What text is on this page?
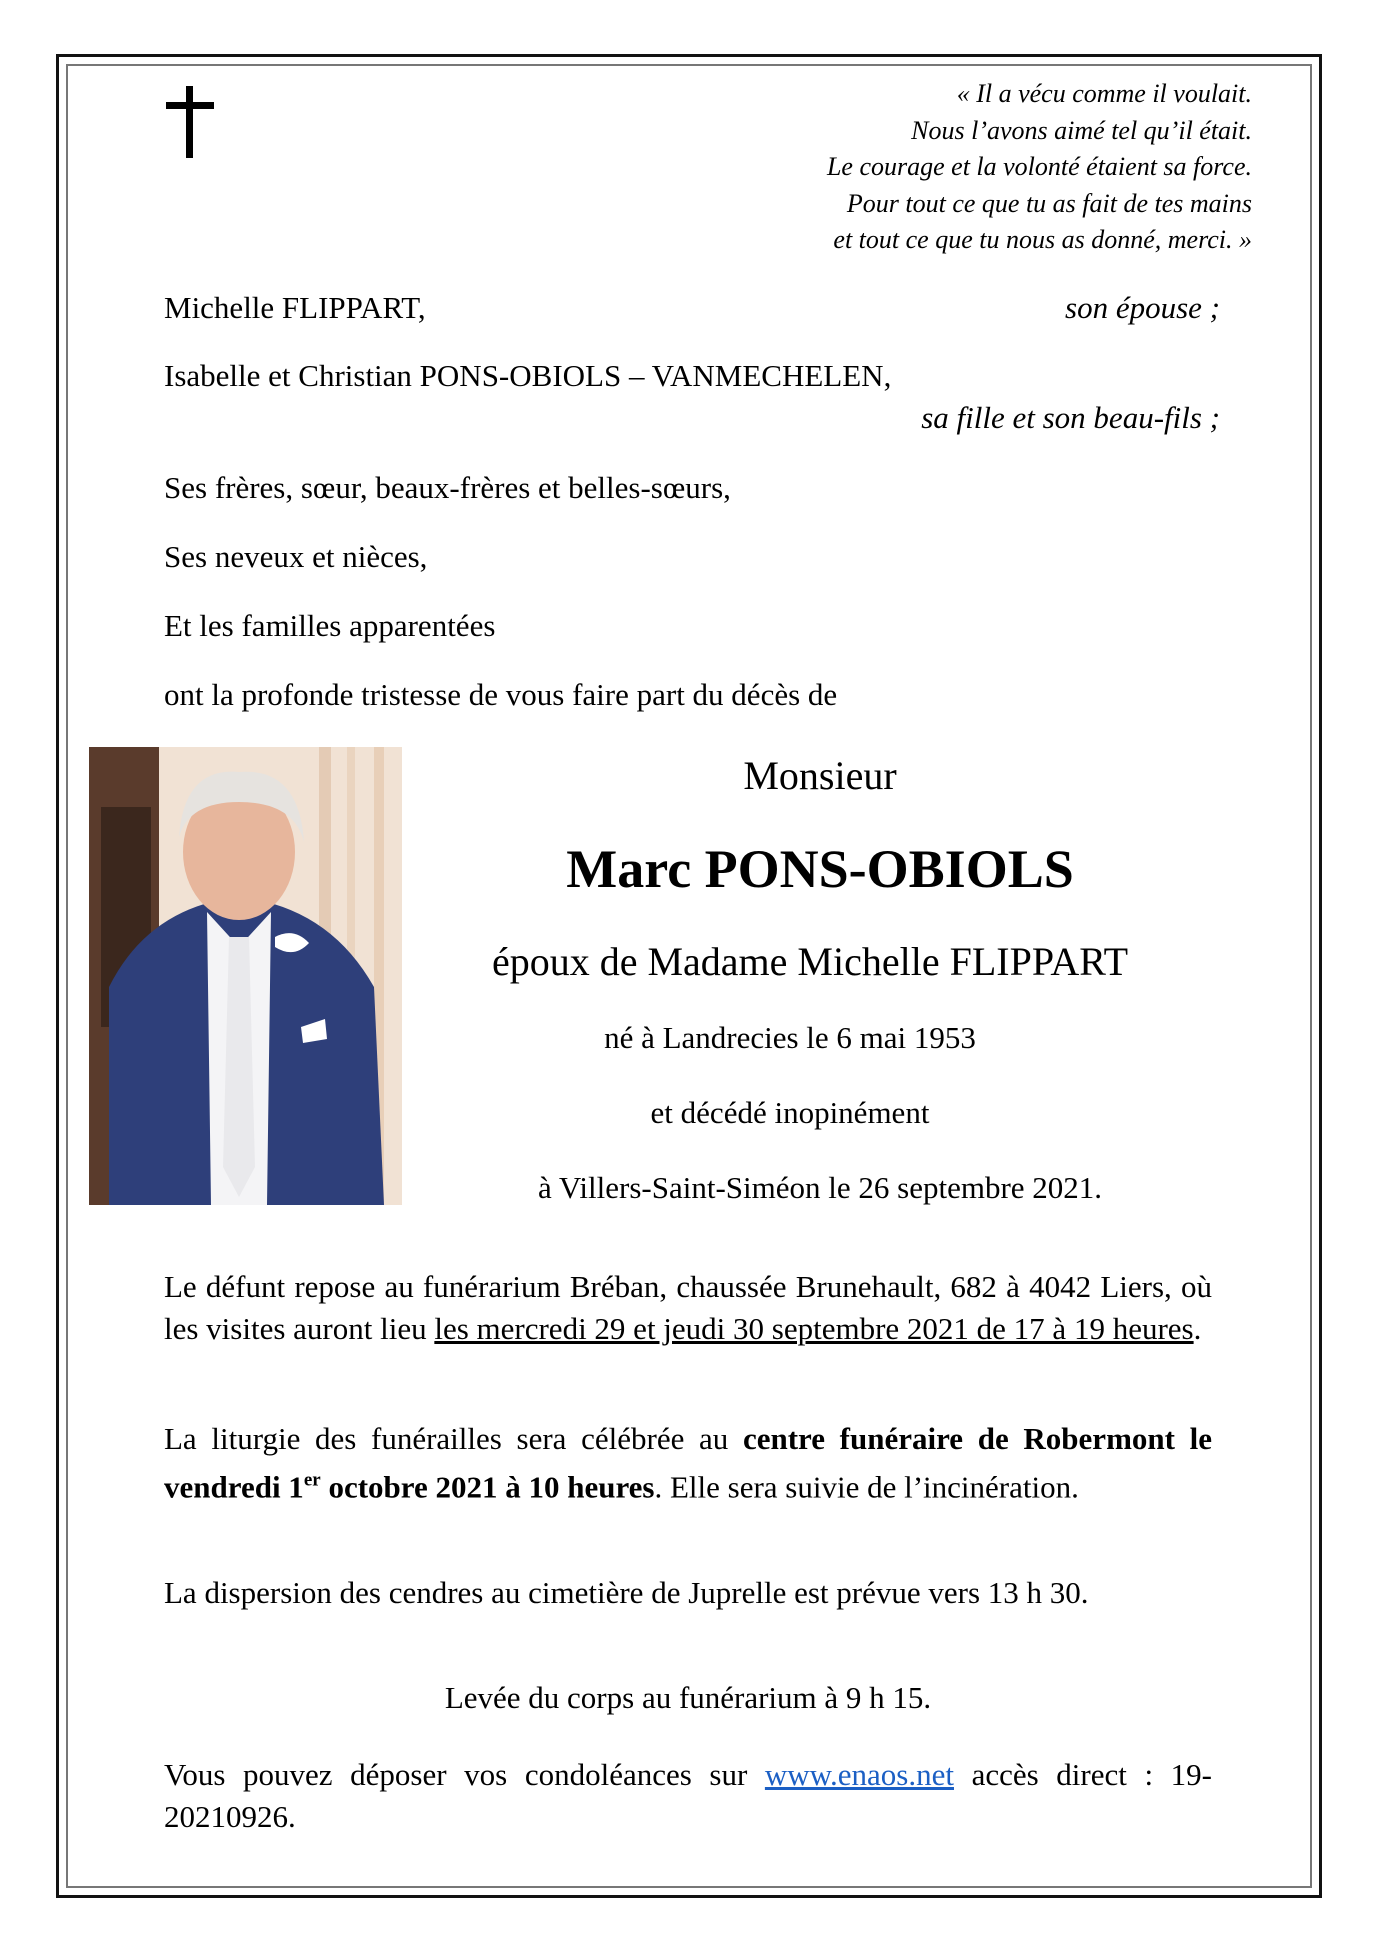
« Il a vécu comme il voulait.
Nous l’avons aimé tel qu’il était.
Le courage et la volonté étaient sa force.
Pour tout ce que tu as fait de tes mains
et tout ce que tu nous as donné, merci. »
Michelle FLIPPART,	son épouse ;
Isabelle et Christian PONS-OBIOLS – VANMECHELEN,
sa fille et son beau-fils ;
Ses frères, sœur, beaux-frères et belles-sœurs,
Ses neveux et nièces,
Et les familles apparentées
ont la profonde tristesse de vous faire part du décès de
Monsieur
Marc PONS-OBIOLS
époux de Madame Michelle FLIPPART
né à Landrecies le 6 mai 1953
et décédé inopinément
à Villers-Saint-Siméon le 26 septembre 2021.
Le défunt repose au funérarium Bréban, chaussée Brunehault, 682 à 4042 Liers, où les visites auront lieu les mercredi 29 et jeudi 30 septembre 2021 de 17 à 19 heures.
La liturgie des funérailles sera célébrée au centre funéraire de Robermont le vendredi 1er octobre 2021 à 10 heures. Elle sera suivie de l’incinération.
La dispersion des cendres au cimetière de Juprelle est prévue vers 13 h 30.
Levée du corps au funérarium à 9 h 15.
Vous pouvez déposer vos condoléances sur www.enaos.net accès direct : 19-20210926.
